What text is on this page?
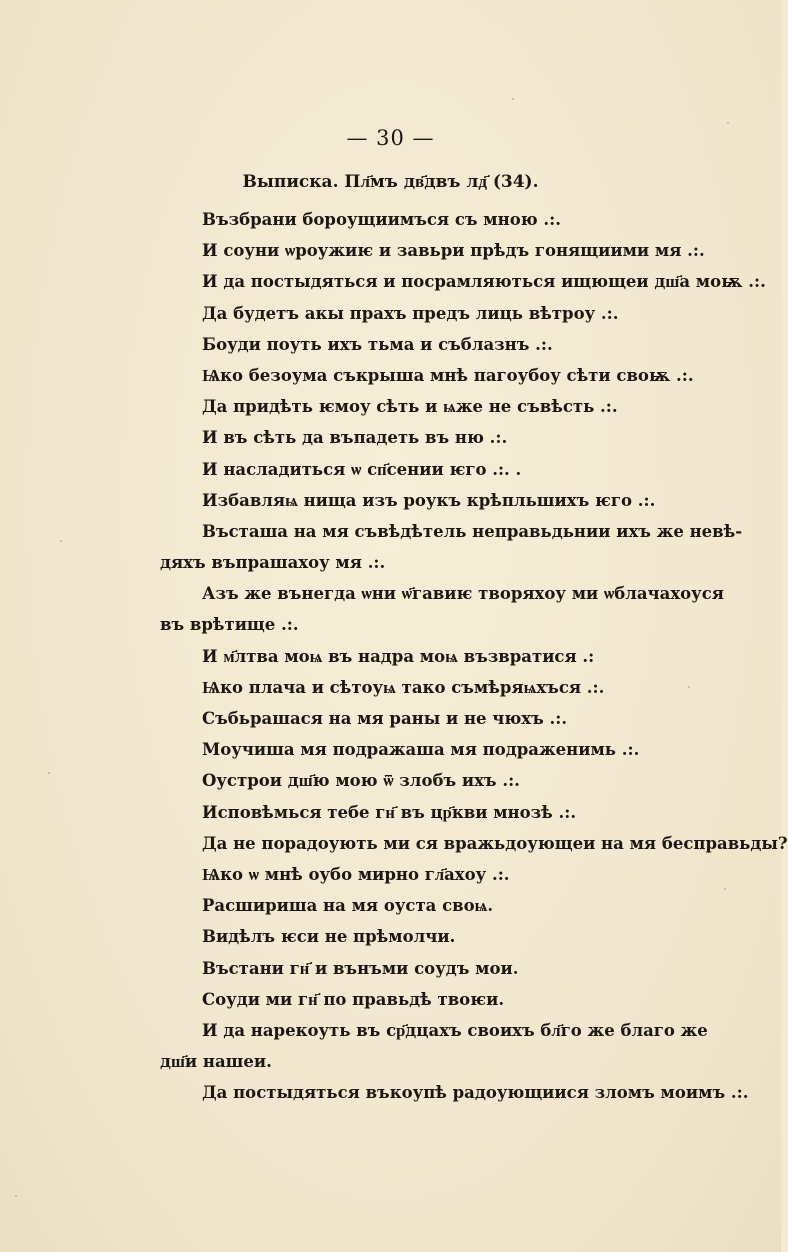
— 30 —
Выписка. Пл҃мъ дв҃двъ лд҃ (34).
Възбрани бороущиимъся съ мною .:.
И соуни ѡроужиѥ и завьри прѣдъ гонящиими мя .:.
И да постыдяться и посрамляються ищющеи дш҃а моѭ .:.
Да будетъ акы прахъ предъ лиць вѣтроу .:.
Боуди поуть ихъ тьма и съблазнъ .:.
Ѩко безоума съкрыша мнѣ пагоубоу сѣти своѭ .:.
Да придѣть ѥмоу сѣть и ѩже не съвѣсть .:.
И въ сѣть да въпадеть въ ню .:.
И насладиться ѡ сп҃сении ѥго .:. .
Избавляѩ нища изъ роукъ крѣпльшихъ ѥго .:.
Въсташа на мя съвѣдѣтель неправьдьнии ихъ же невѣ-
дяхъ въпрашахоу мя .:.
Азъ же вънегда ѡни ѡ҃гавиѥ творяхоу ми ѡблачахоуся
въ врѣтище .:.
И м҃лтва моѩ въ надра моѩ възвратися .:
Ѩко плача и сѣтоуѩ тако съмѣряѩхъся .:.
Събьрашася на мя раны и не чюхъ .:.
Моучиша мя подражаша мя подраженимь .:.
Оустрои дш҃ю мою ѿ злобъ ихъ .:.
Исповѣмься тебе гн҃ въ цр҃кви мнозѣ .:.
Да не порадоують ми ся вражьдоующеи на мя бесправьды?
Ѩко ѡ мнѣ оубо мирно гл҃ахоу .:.
Расшириша на мя оуста своѩ.
Видѣлъ ѥси не прѣмолчи.
Въстани гн҃ и вънъми соудъ мои.
Соуди ми гн҃ по правьдѣ твоѥи.
И да нарекоуть въ ср҃дцахъ своихъ бл҃го же благо же
дш҃и нашеи.
Да постыдяться въкоупѣ радоующиися зломъ моимъ .:.
